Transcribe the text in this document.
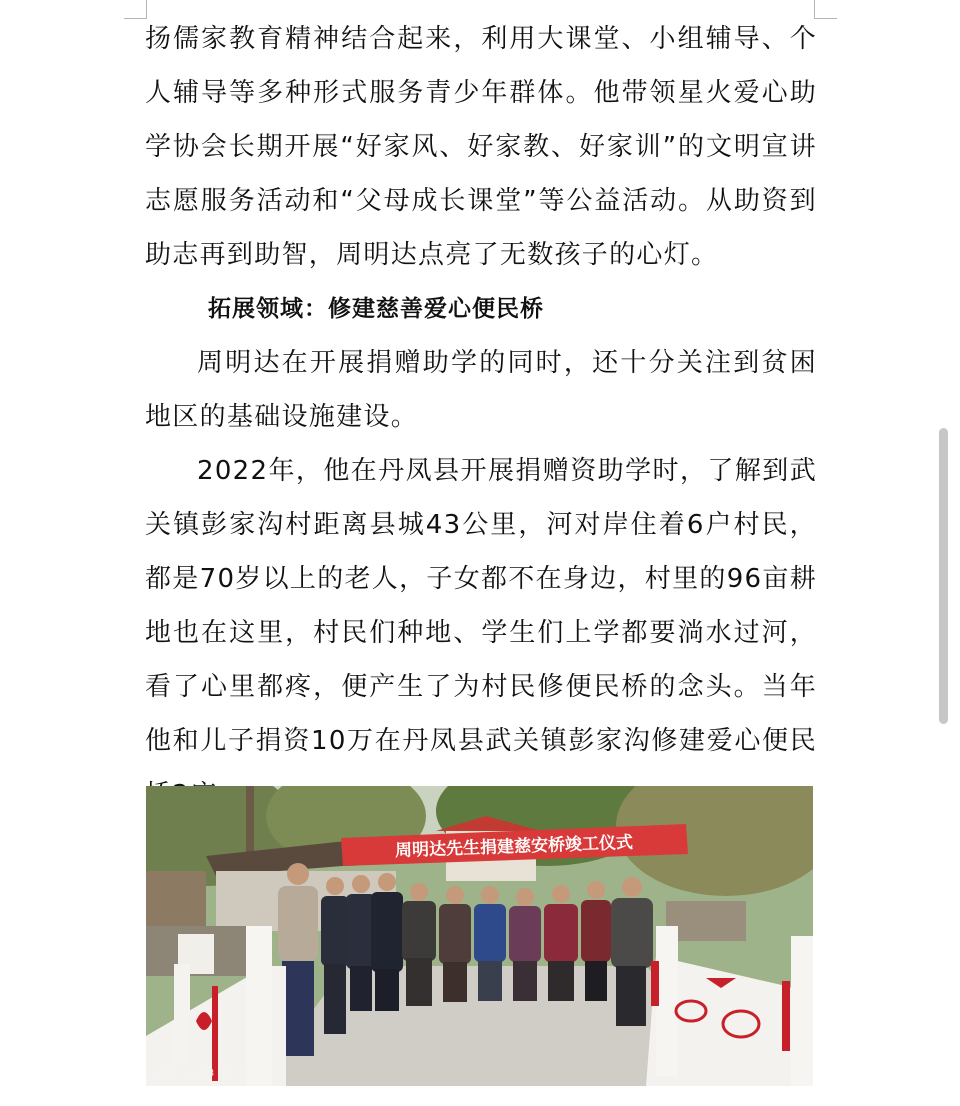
扬儒家教育精神结合起来，利用大课堂、小组辅导、个人辅导等多种形式服务青少年群体。他带领星火爱心助学协会长期开展“好家风、好家教、好家训”的文明宣讲志愿服务活动和“父母成长课堂”等公益活动。从助资到助志再到助智，周明达点亮了无数孩子的心灯。

拓展领域：修建慈善爱心便民桥

周明达在开展捐赠助学的同时，还十分关注到贫困地区的基础设施建设。

2022年，他在丹凤县开展捐赠资助学时，了解到武关镇彭家沟村距离县城43公里，河对岸住着6户村民，都是70岁以上的老人，子女都不在身边，村里的96亩耕地也在这里，村民们种地、学生们上学都要淌水过河，看了心里都疼，便产生了为村民修便民桥的念头。当年他和儿子捐资10万在丹凤县武关镇彭家沟修建爱心便民

周明达先生捐建慈安桥竣工仪式
2022/11/23 10:55
